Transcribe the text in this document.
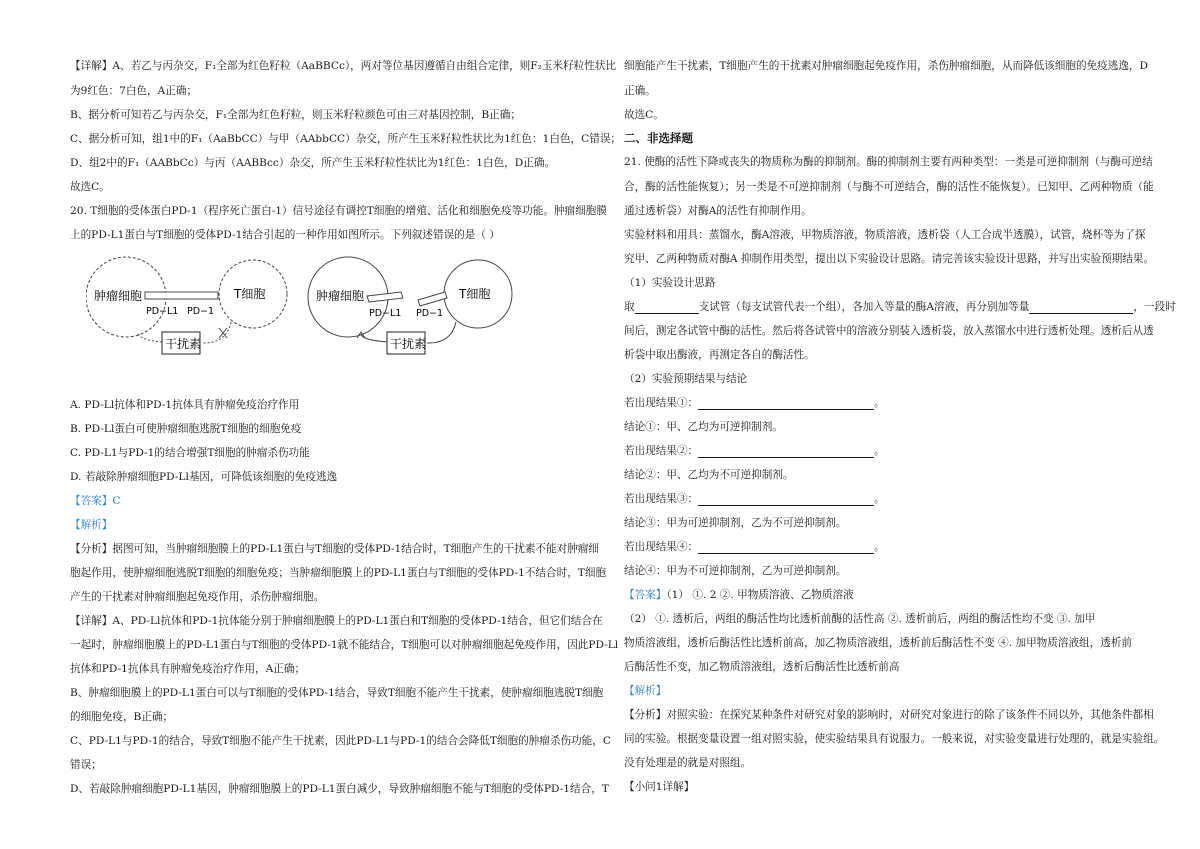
【详解】A、若乙与丙杂交，F₁全部为红色籽粒（AaBBCc），两对等位基因遵循自由组合定律，则F₂玉米籽粒性状比
为9红色：7白色，A正确；
B、据分析可知若乙与丙杂交，F₁全部为红色籽粒，则玉米籽粒颜色可由三对基因控制，B正确；
C、据分析可知，组1中的F₁（AaBbCC）与甲（AAbbCC）杂交，所产生玉米籽粒性状比为1红色：1白色，C错误；
D、组2中的F₁（AABbCc）与丙（AABBcc）杂交，所产生玉米籽粒性状比为1红色：1白色，D正确。
故选C。
20. T细胞的受体蛋白PD-1（程序死亡蛋白-1）信号途径有调控T细胞的增殖、活化和细胞免疫等功能。肿瘤细胞膜
上的PD-L1蛋白与T细胞的受体PD-1结合引起的一种作用如图所示。下列叙述错误的是（ ）
肿瘤细胞	T细胞
PD−L1 PD−1
干扰素
肿瘤细胞	T细胞
PD−L1 PD−1
干扰素
A. PD-Ll抗体和PD-1抗体具有肿瘤免疫治疗作用
B. PD-Ll蛋白可使肿瘤细胞逃脱T细胞的细胞免疫
C. PD-L1与PD-1的结合增强T细胞的肿瘤杀伤功能
D. 若敲除肿瘤细胞PD-Ll基因，可降低该细胞的免疫逃逸
【答案】C
【解析】
【分析】据图可知，当肿瘤细胞膜上的PD-L1蛋白与T细胞的受体PD-1结合时，T细胞产生的干扰素不能对肿瘤细
胞起作用，使肿瘤细胞逃脱T细胞的细胞免疫；当肿瘤细胞膜上的PD-L1蛋白与T细胞的受体PD-1不结合时，T细胞
产生的干扰素对肿瘤细胞起免疫作用，杀伤肿瘤细胞。
【详解】A、PD-Ll抗体和PD-1抗体能分别于肿瘤细胞膜上的PD-L1蛋白和T细胞的受体PD-1结合，但它们结合在
一起时，肿瘤细胞膜上的PD-L1蛋白与T细胞的受体PD-1就不能结合，T细胞可以对肿瘤细胞起免疫作用，因此PD-Ll
抗体和PD-1抗体具有肿瘤免疫治疗作用，A正确；
B、肿瘤细胞膜上的PD-L1蛋白可以与T细胞的受体PD-1结合，导致T细胞不能产生干扰素，使肿瘤细胞逃脱T细胞
的细胞免疫，B正确；
C、PD-L1与PD-1的结合，导致T细胞不能产生干扰素，因此PD-L1与PD-1的结合会降低T细胞的肿瘤杀伤功能，C
错误；
D、若敲除肿瘤细胞PD-L1基因，肿瘤细胞膜上的PD-L1蛋白减少，导致肿瘤细胞不能与T细胞的受体PD-1结合，T
细胞能产生干扰素，T细胞产生的干扰素对肿瘤细胞起免疫作用，杀伤肿瘤细胞，从而降低该细胞的免疫逃逸，D
正确。
故选C。
二、非选择题
21. 使酶的活性下降或丧失的物质称为酶的抑制剂。酶的抑制剂主要有两种类型：一类是可逆抑制剂（与酶可逆结
合，酶的活性能恢复）；另一类是不可逆抑制剂（与酶不可逆结合，酶的活性不能恢复）。已知甲、乙两种物质（能
通过透析袋）对酶A的活性有抑制作用。
实验材料和用具：蒸馏水，酶A溶液，甲物质溶液，物质溶液，透析袋（人工合成半透膜），试管，烧杯等为了探
究甲、乙两种物质对酶A 抑制作用类型，提出以下实验设计思路。请完善该实验设计思路，并写出实验预期结果。
（1）实验设计思路
取	支试管（每支试管代表一个组），各加入等量的酶A溶液，再分别加等量	，一段时
间后，测定各试管中酶的活性。然后将各试管中的溶液分别装入透析袋，放入蒸馏水中进行透析处理。透析后从透
析袋中取出酶液，再测定各自的酶活性。
（2）实验预期结果与结论
若出现结果①：	。
结论①：甲、乙均为可逆抑制剂。
若出现结果②：	。
结论②：甲、乙均为不可逆抑制剂。
若出现结果③：	。
结论③：甲为可逆抑制剂，乙为不可逆抑制剂。
若出现结果④：	。
结论④：甲为不可逆抑制剂，乙为可逆抑制剂。
【答案】（1） ①. 2 ②. 甲物质溶液、乙物质溶液
（2） ①. 透析后，两组的酶活性均比透析前酶的活性高 ②. 透析前后，两组的酶活性均不变 ③. 加甲
物质溶液组，透析后酶活性比透析前高，加乙物质溶液组，透析前后酶活性不变 ④. 加甲物质溶液组，透析前
后酶活性不变，加乙物质溶液组，透析后酶活性比透析前高
【解析】
【分析】对照实验：在探究某种条件对研究对象的影响时，对研究对象进行的除了该条件不同以外，其他条件都相
同的实验。根据变量设置一组对照实验，使实验结果具有说服力。一般来说，对实验变量进行处理的，就是实验组。
没有处理是的就是对照组。
【小问1详解】
